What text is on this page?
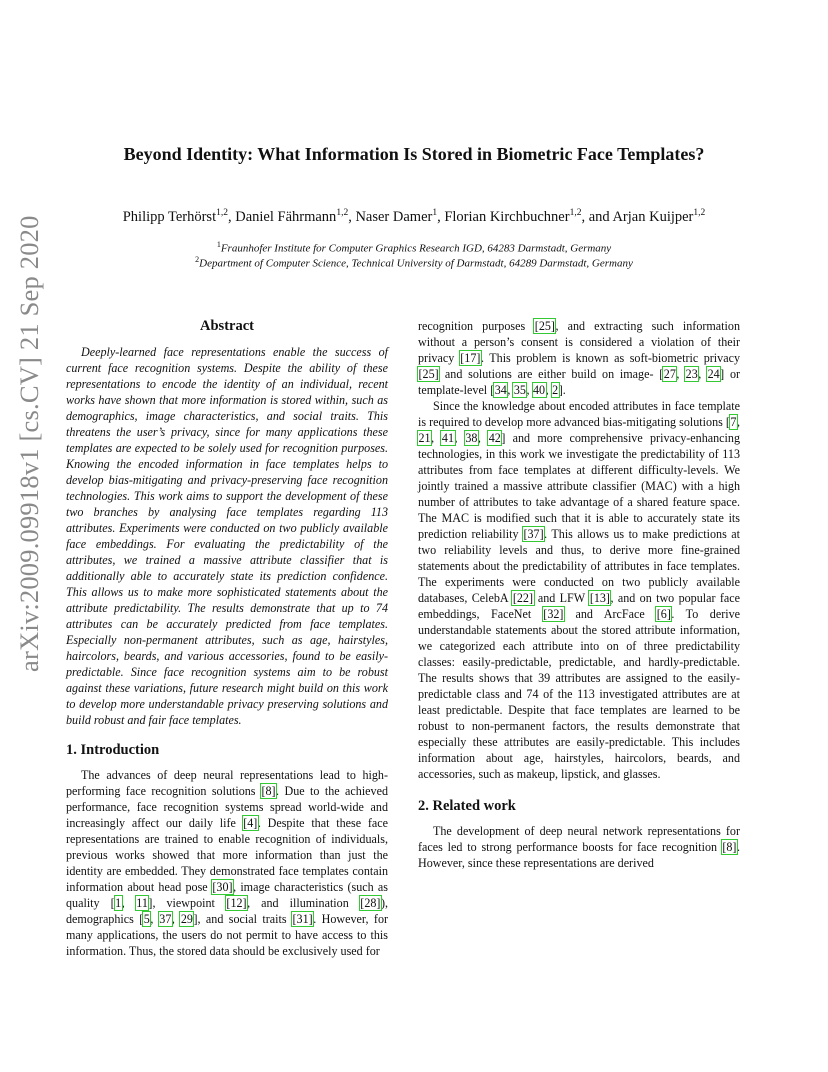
arXiv:2009.09918v1 [cs.CV] 21 Sep 2020
Beyond Identity: What Information Is Stored in Biometric Face Templates?
Philipp Terhörst$^{1,2}$, Daniel Fährmann$^{1,2}$, Naser Damer$^1$, Florian Kirchbuchner$^{1,2}$, and Arjan Kuijper$^{1,2}$
$^1$Fraunhofer Institute for Computer Graphics Research IGD, 64283 Darmstadt, Germany
$^2$Department of Computer Science, Technical University of Darmstadt, 64289 Darmstadt, Germany
Abstract

Deeply-learned face representations enable the success of current face recognition systems. Despite the ability of these representations to encode the identity of an individual, recent works have shown that more information is stored within, such as demographics, image characteristics, and social traits. This threatens the user’s privacy, since for many applications these templates are expected to be solely used for recognition purposes. Knowing the encoded information in face templates helps to develop bias-mitigating and privacy-preserving face recognition technologies. This work aims to support the development of these two branches by analysing face templates regarding 113 attributes. Experiments were conducted on two publicly available face embeddings. For evaluating the predictability of the attributes, we trained a massive attribute classifier that is additionally able to accurately state its prediction confidence. This allows us to make more sophisticated statements about the attribute predictability. The results demonstrate that up to 74 attributes can be accurately predicted from face templates. Especially non-permanent attributes, such as age, hairstyles, haircolors, beards, and various accessories, found to be easily-predictable. Since face recognition systems aim to be robust against these variations, future research might build on this work to develop more understandable privacy preserving solutions and build robust and fair face templates.

1. Introduction

The advances of deep neural representations lead to high-performing face recognition solutions [8]. Due to the achieved performance, face recognition systems spread world-wide and increasingly affect our daily life [4]. Despite that these face representations are trained to enable recognition of individuals, previous works showed that more information than just the identity are embedded. They demonstrated face templates contain information about head pose [30], image characteristics (such as quality [1, 11], viewpoint [12], and illumination [28]), demographics [5, 37, 29], and social traits [31]. However, for many applications, the users do not permit to have access to this information. Thus, the stored data should be exclusively used for

recognition purposes [25], and extracting such information without a person’s consent is considered a violation of their privacy [17]. This problem is known as soft-biometric privacy [25] and solutions are either build on image- [27, 23, 24] or template-level [34, 35, 40, 2].

Since the knowledge about encoded attributes in face template is required to develop more advanced bias-mitigating solutions [7, 21, 41, 38, 42] and more comprehensive privacy-enhancing technologies, in this work we investigate the predictability of 113 attributes from face templates at different difficulty-levels. We jointly trained a massive attribute classifier (MAC) with a high number of attributes to take advantage of a shared feature space. The MAC is modified such that it is able to accurately state its prediction reliability [37]. This allows us to make predictions at two reliability levels and thus, to derive more fine-grained statements about the predictability of attributes in face templates. The experiments were conducted on two publicly available databases, CelebA [22] and LFW [13], and on two popular face embeddings, FaceNet [32] and ArcFace [6]. To derive understandable statements about the stored attribute information, we categorized each attribute into on of three predictability classes: easily-predictable, predictable, and hardly-predictable. The results shows that 39 attributes are assigned to the easily-predictable class and 74 of the 113 investigated attributes are at least predictable. Despite that face templates are learned to be robust to non-permanent factors, the results demonstrate that especially these attributes are easily-predictable. This includes information about age, hairstyles, haircolors, beards, and accessories, such as makeup, lipstick, and glasses.

2. Related work

The development of deep neural network representations for faces led to strong performance boosts for face recognition [8]. However, since these representations are derived
